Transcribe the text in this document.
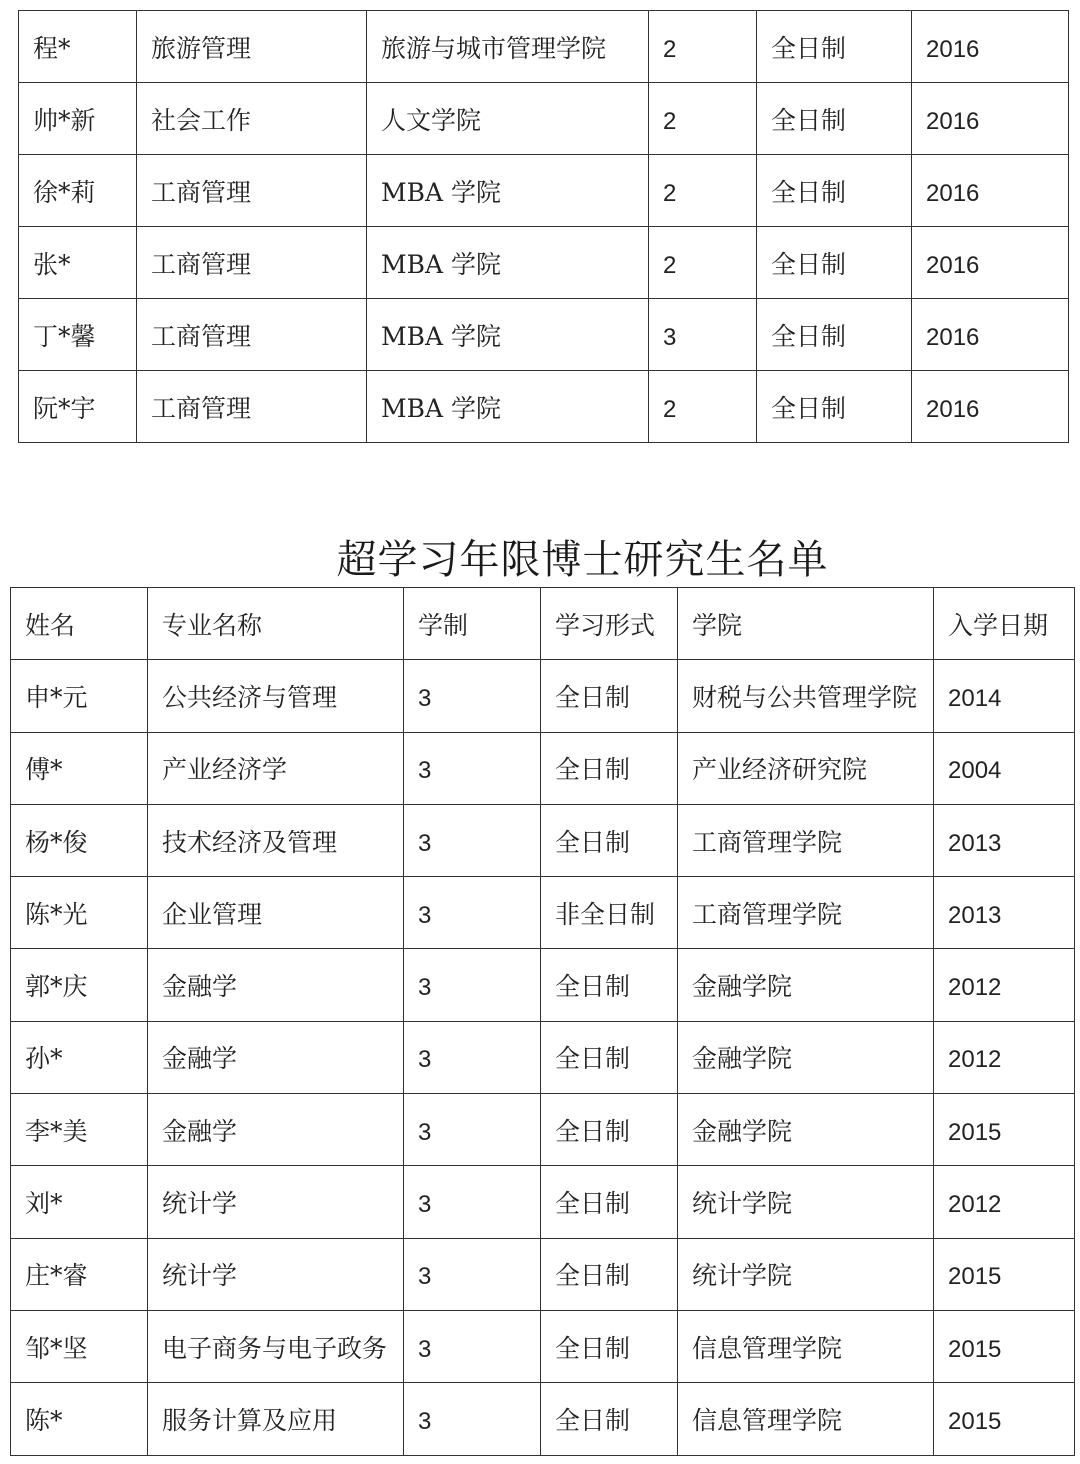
程*	旅游管理	旅游与城市管理学院	2	全日制	2016
帅*新	社会工作	人文学院	2	全日制	2016
徐*莉	工商管理	MBA 学院	2	全日制	2016
张*	工商管理	MBA 学院	2	全日制	2016
丁*馨	工商管理	MBA 学院	3	全日制	2016
阮*宇	工商管理	MBA 学院	2	全日制	2016
超学习年限博士研究生名单
姓名	专业名称	学制	学习形式	学院	入学日期
申*元	公共经济与管理	3	全日制	财税与公共管理学院	2014
傅*	产业经济学	3	全日制	产业经济研究院	2004
杨*俊	技术经济及管理	3	全日制	工商管理学院	2013
陈*光	企业管理	3	非全日制	工商管理学院	2013
郭*庆	金融学	3	全日制	金融学院	2012
孙*	金融学	3	全日制	金融学院	2012
李*美	金融学	3	全日制	金融学院	2015
刘*	统计学	3	全日制	统计学院	2012
庄*睿	统计学	3	全日制	统计学院	2015
邹*坚	电子商务与电子政务	3	全日制	信息管理学院	2015
陈*	服务计算及应用	3	全日制	信息管理学院	2015
